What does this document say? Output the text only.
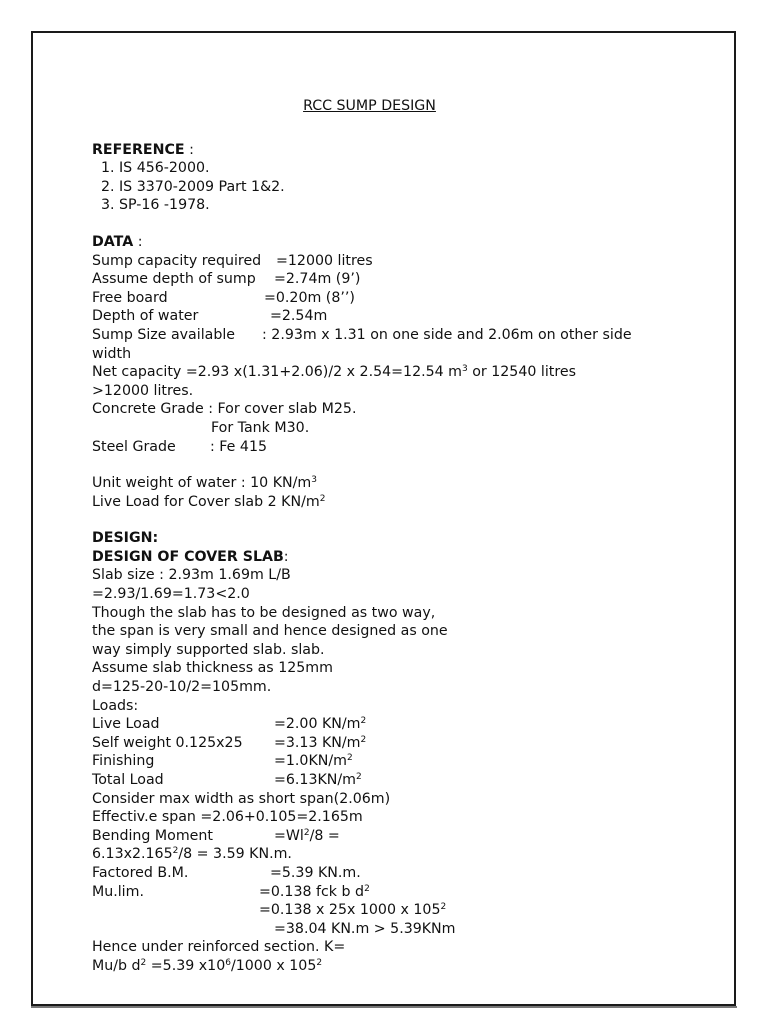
RCC SUMP DESIGN
REFERENCE :
1. IS 456-2000.
2. IS 3370-2009 Part 1&2.
3. SP-16 -1978.
DATA :
Sump capacity required =12000 litres
Assume depth of sump =2.74m (9’)
Free board	=0.20m (8’’)
Depth of water	=2.54m
Sump Size available : 2.93m x 1.31 on one side and 2.06m on other side
width
Net capacity =2.93 x(1.31+2.06)/2 x 2.54=12.54 $m^3$ or 12540 litres
>12000 litres.
Concrete Grade : For cover slab M25.
For Tank M30.
Steel Grade : Fe 415
Unit weight of water : 10 $KN/m^3$
Live Load for Cover slab 2 $KN/m^2$
DESIGN:
DESIGN OF COVER SLAB:
Slab size : 2.93m 1.69m L/B
=2.93/1.69=1.73<2.0
Though the slab has to be designed as two way,
the span is very small and hence designed as one
way simply supported slab. slab.
Assume slab thickness as 125mm
d=125-20-10/2=105mm.
Loads:
Live Load	=2.00 $KN/m^2$
Self weight 0.125x25 =3.13 $KN/m^2$
Finishing	$=1.0KN/m^2$
Total Load	$=6.13KN/m^2$
Consider max width as short span(2.06m)
Effectiv.e span =2.06+0.105=2.165m
Bending Moment	$=Wl^2/8$ =
$6.13x2.165^2/8 = 3.59$ KN.m.
Factored B.M.	=5.39 KN.m.
Mu.lim.	=0.138 fck b $d^2$

=0.138 x 25x 1000 x $105^2$

=38.04 KN.m > 5.39KNm
Hence under reinforced section. K=
Mu/b $d^2 =5.39$ $x10^6/1000$ x $105^2$
